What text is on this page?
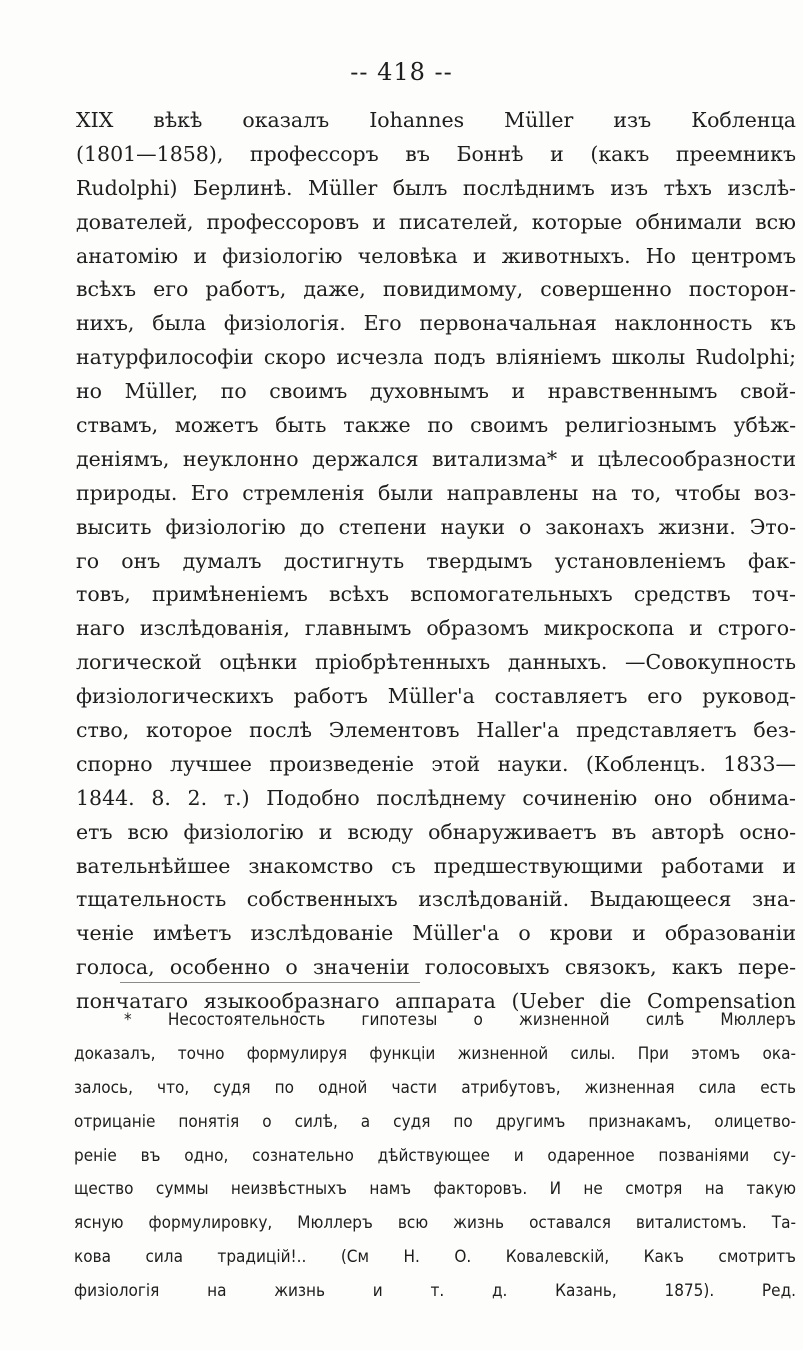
-- 418 --
XIX вѣкѣ оказалъ Iohannes Müller изъ Кобленца
(1801—1858), профессоръ въ Боннѣ и (какъ преемникъ
Rudolphi) Берлинѣ. Müller былъ послѣднимъ изъ тѣхъ изслѣ-
дователей, профессоровъ и писателей, которые обнимали всю
анатомію и физіологію человѣка и животныхъ. Но центромъ
всѣхъ его работъ, даже, повидимому, совершенно посторон-
нихъ, была физіологія. Его первоначальная наклонность къ
натурфилософіи скоро исчезла подъ вліяніемъ школы Rudolphi;
но Müller, по своимъ духовнымъ и нравственнымъ свой-
ствамъ, можетъ быть также по своимъ религіознымъ убѣж-
деніямъ, неуклонно держался витализма* и цѣлесообразности
природы. Его стремленія были направлены на то, чтобы воз-
высить физіологію до степени науки о законахъ жизни. Это-
го онъ думалъ достигнуть твердымъ установленіемъ фак-
товъ, примѣненіемъ всѣхъ вспомогательныхъ средствъ точ-
наго изслѣдованія, главнымъ образомъ микроскопа и строго-
логической оцѣнки пріобрѣтенныхъ данныхъ. —Совокупность
физіологическихъ работъ Müller'а составляетъ его руковод-
ство, которое послѣ Элементовъ Haller'а представляетъ без-
спорно лучшее произведеніе этой науки. (Кобленцъ. 1833—
1844. 8. 2. т.) Подобно послѣднему сочиненію оно обнима-
етъ всю физіологію и всюду обнаруживаетъ въ авторѣ осно-
вательнѣйшее знакомство съ предшествующими работами и
тщательность собственныхъ изслѣдованій. Выдающееся зна-
ченіе имѣетъ изслѣдованіе Müller'а о крови и образованіи
голоса, особенно о значеніи голосовыхъ связокъ, какъ пере-
пончатаго языкообразнаго аппарата (Ueber die Compensation
* Несостоятельность гипотезы о жизненной силѣ Мюллеръ
доказалъ, точно формулируя функціи жизненной силы. При этомъ ока-
залось, что, судя по одной части атрибутовъ, жизненная сила есть
отрицаніе понятія о силѣ, а судя по другимъ признакамъ, олицетво-
реніе въ одно, сознательно дѣйствующее и одаренное позваніями су-
щество суммы неизвѣстныхъ намъ факторовъ. И не смотря на такую
ясную формулировку, Мюллеръ всю жизнь оставался виталистомъ. Та-
кова сила традицій!.. (См Н. О. Ковалевскій, Какъ смотритъ
физіологія на жизнь и т. д. Казань, 1875). Ред.
